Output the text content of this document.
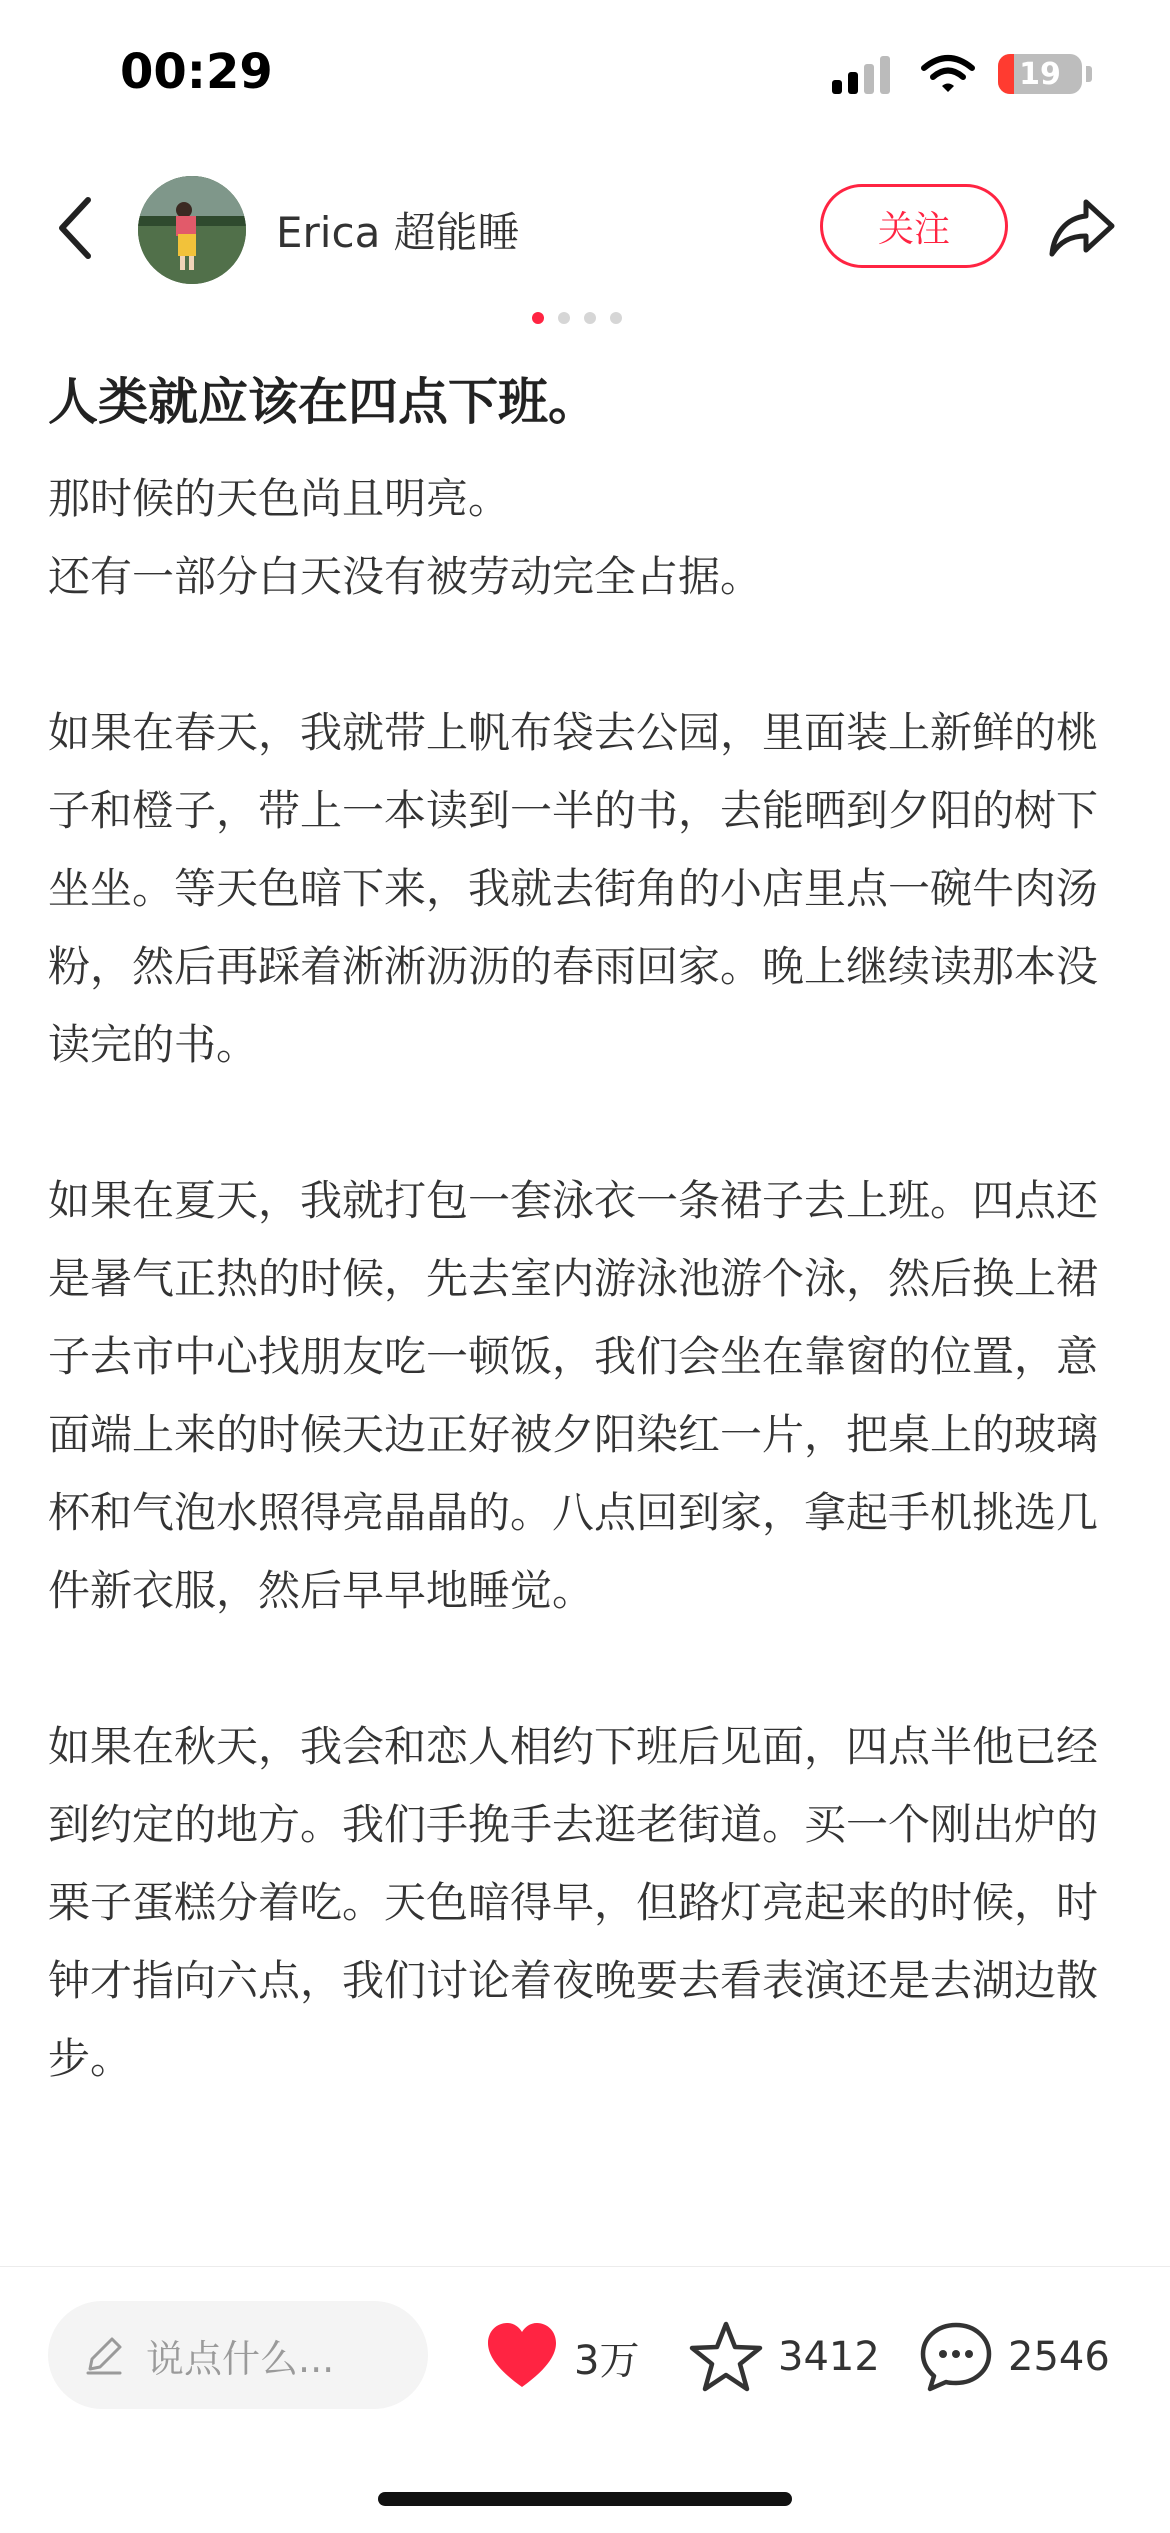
00:29	19
Erica 超能睡	关注
人类就应该在四点下班。

那时候的天色尚且明亮。
还有一部分白天没有被劳动完全占据。

如果在春天，我就带上帆布袋去公园，里面装上新鲜的桃子和橙子，带上一本读到一半的书，去能晒到夕阳的树下坐坐。等天色暗下来，我就去街角的小店里点一碗牛肉汤粉，然后再踩着淅淅沥沥的春雨回家。晚上继续读那本没读完的书。

如果在夏天，我就打包一套泳衣一条裙子去上班。四点还是暑气正热的时候，先去室内游泳池游个泳，然后换上裙子去市中心找朋友吃一顿饭，我们会坐在靠窗的位置，意面端上来的时候天边正好被夕阳染红一片，把桌上的玻璃杯和气泡水照得亮晶晶的。八点回到家，拿起手机挑选几件新衣服，然后早早地睡觉。

如果在秋天，我会和恋人相约下班后见面，四点半他已经到约定的地方。我们手挽手去逛老街道。买一个刚出炉的栗子蛋糕分着吃。天色暗得早，但路灯亮起来的时候，时钟才指向六点，我们讨论着夜晚要去看表演还是去湖边散步。

说点什么...	3万	3412	2546
